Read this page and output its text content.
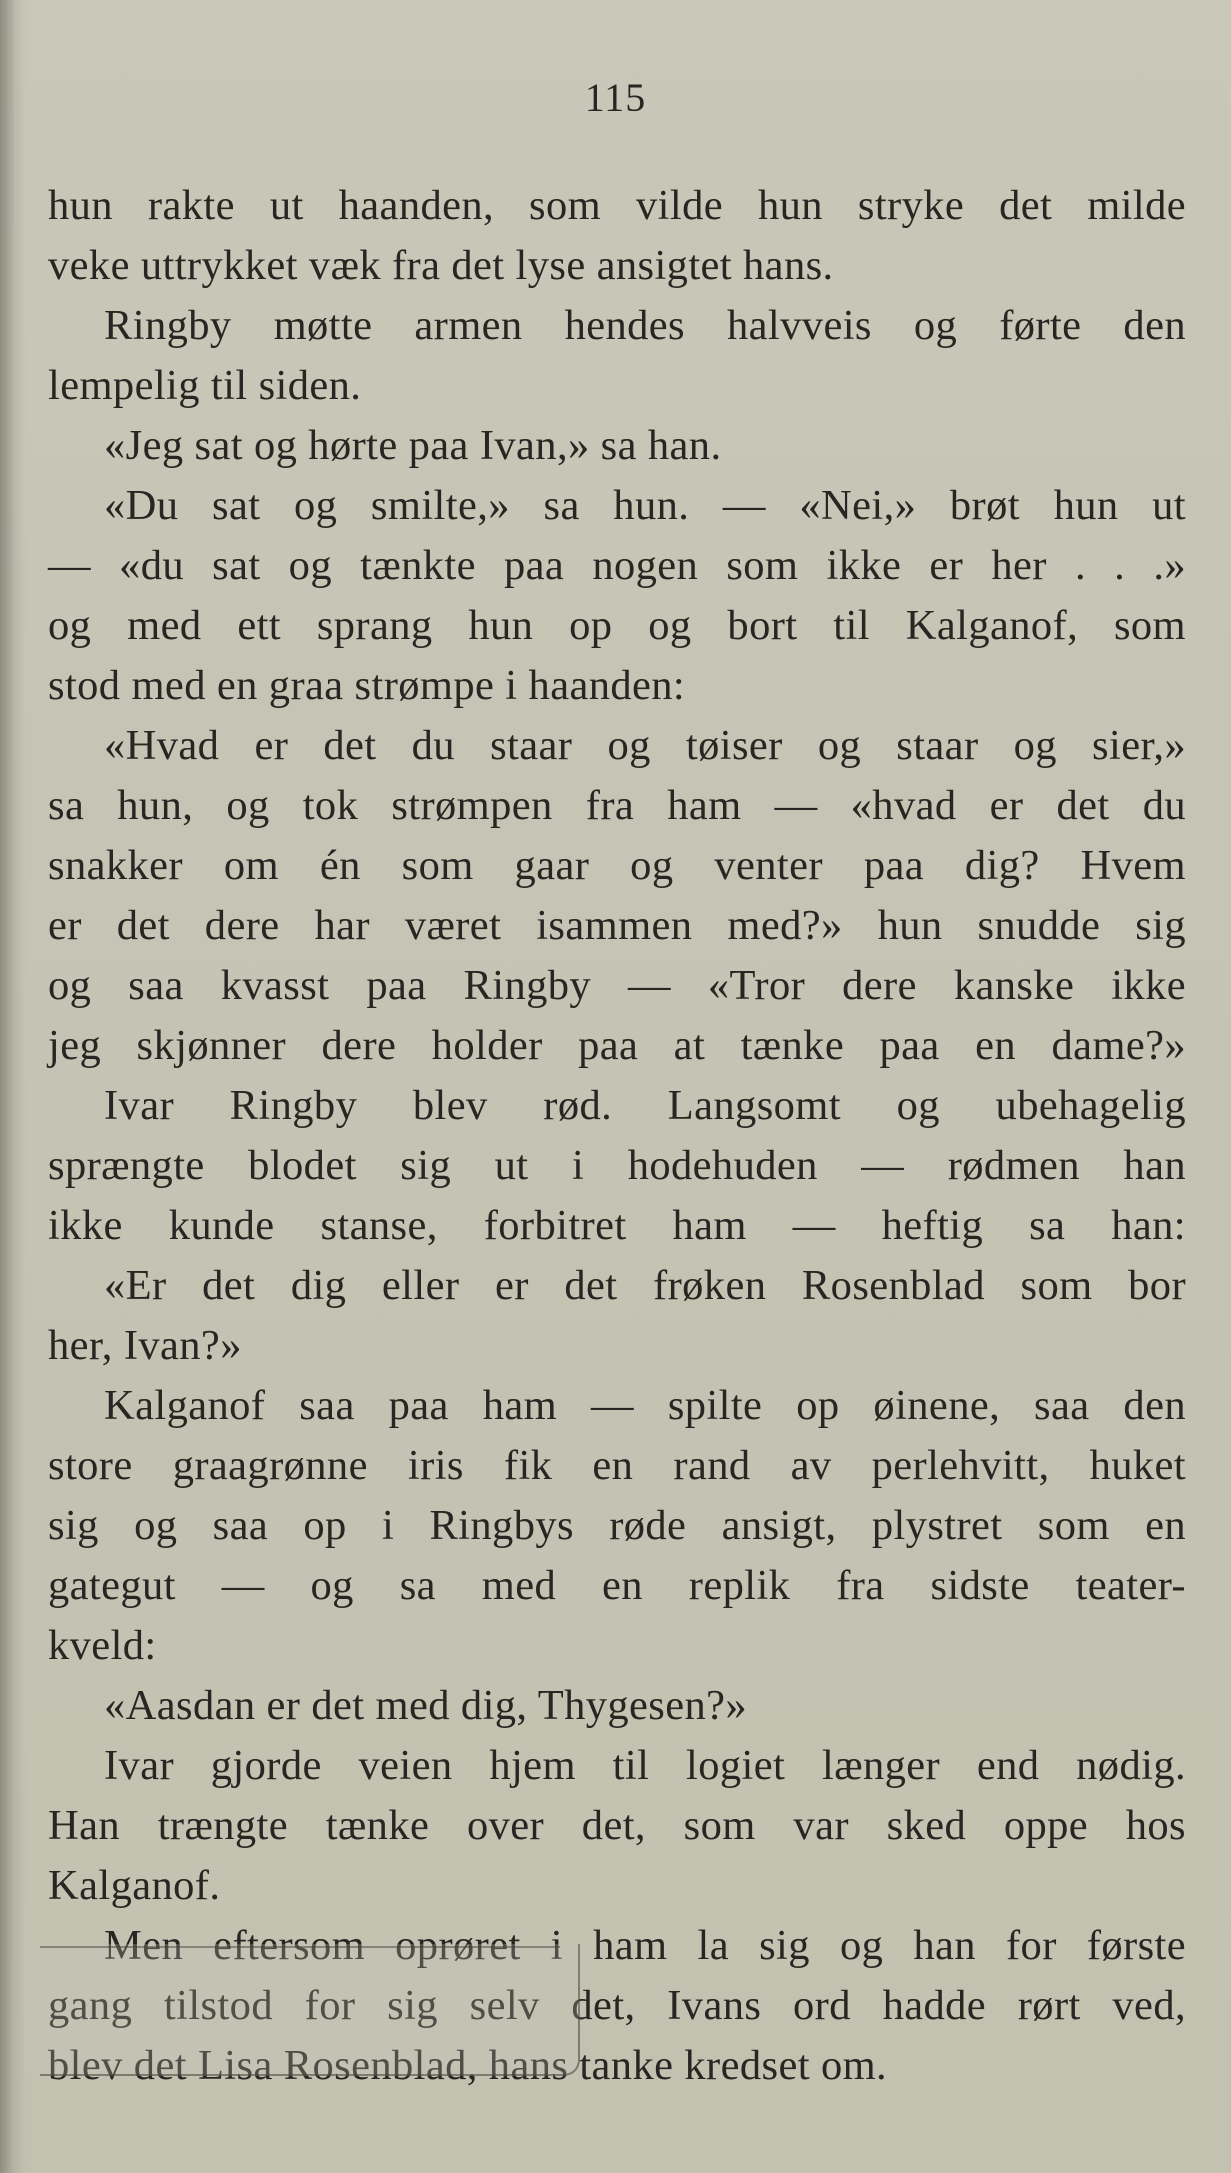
115
hun rakte ut haanden, som vilde hun stryke det milde
veke uttrykket væk fra det lyse ansigtet hans.
Ringby møtte armen hendes halvveis og førte den
lempelig til siden.
«Jeg sat og hørte paa Ivan,» sa han.
«Du sat og smilte,» sa hun. — «Nei,» brøt hun ut
— «du sat og tænkte paa nogen som ikke er her . . .»
og med ett sprang hun op og bort til Kalganof, som
stod med en graa strømpe i haanden:
«Hvad er det du staar og tøiser og staar og sier,»
sa hun, og tok strømpen fra ham — «hvad er det du
snakker om én som gaar og venter paa dig? Hvem
er det dere har været isammen med?» hun snudde sig
og saa kvasst paa Ringby — «Tror dere kanske ikke
jeg skjønner dere holder paa at tænke paa en dame?»
Ivar Ringby blev rød. Langsomt og ubehagelig
sprængte blodet sig ut i hodehuden — rødmen han
ikke kunde stanse, forbitret ham — heftig sa han:
«Er det dig eller er det frøken Rosenblad som bor
her, Ivan?»
Kalganof saa paa ham — spilte op øinene, saa den
store graagrønne iris fik en rand av perlehvitt, huket
sig og saa op i Ringbys røde ansigt, plystret som en
gategut — og sa med en replik fra sidste teater-
kveld:
«Aasdan er det med dig, Thygesen?»
Ivar gjorde veien hjem til logiet længer end nødig.
Han trængte tænke over det, som var sked oppe hos
Kalganof.
Men eftersom oprøret i ham la sig og han for første
gang tilstod for sig selv det, Ivans ord hadde rørt ved,
blev det Lisa Rosenblad, hans tanke kredset om.
